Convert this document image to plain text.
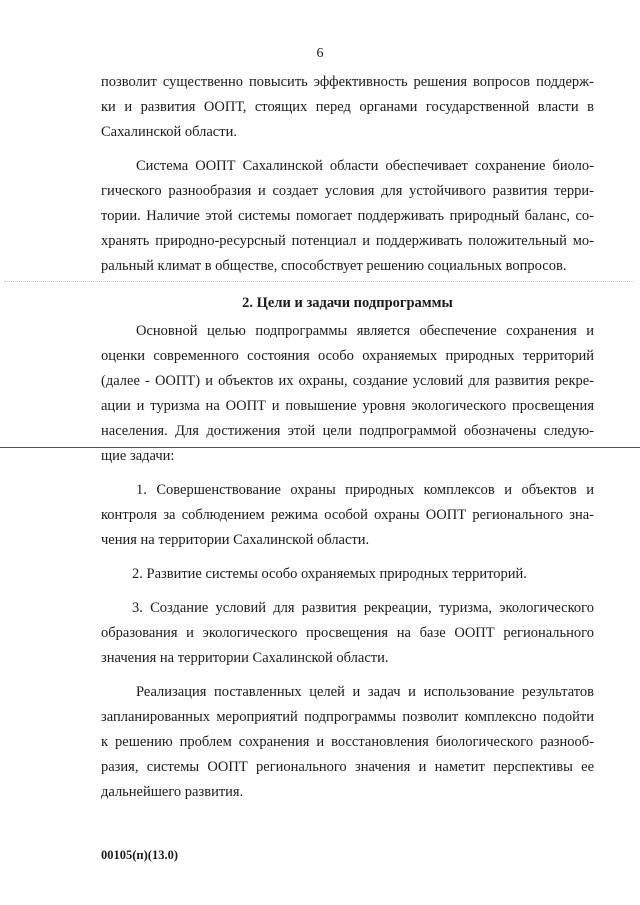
6
позволит существенно повысить эффективность решения вопросов поддерж-
ки и развития ООПТ, стоящих перед органами государственной власти в
Сахалинской области.
Система ООПТ Сахалинской области обеспечивает сохранение биоло-
гического разнообразия и создает условия для устойчивого развития терри-
тории. Наличие этой системы помогает поддерживать природный баланс, со-
хранять природно-ресурсный потенциал и поддерживать положительный мо-
ральный климат в обществе, способствует решению социальных вопросов.
2. Цели и задачи подпрограммы
Основной целью подпрограммы является обеспечение сохранения и
оценки современного состояния особо охраняемых природных территорий
(далее - ООПТ) и объектов их охраны, создание условий для развития рекре-
ации и туризма на ООПТ и повышение уровня экологического просвещения
населения. Для достижения этой цели подпрограммой обозначены следую-
щие задачи:
1. Совершенствование охраны природных комплексов и объектов и
контроля за соблюдением режима особой охраны ООПТ регионального зна-
чения на территории Сахалинской области.
2. Развитие системы особо охраняемых природных территорий.
3. Создание условий для развития рекреации, туризма, экологического
образования и экологического просвещения на базе ООПТ регионального
значения на территории Сахалинской области.
Реализация поставленных целей и задач и использование результатов
запланированных мероприятий подпрограммы позволит комплексно подойти
к решению проблем сохранения и восстановления биологического разнооб-
разия, системы ООПТ регионального значения и наметит перспективы ее
дальнейшего развития.
00105(п)(13.0)
